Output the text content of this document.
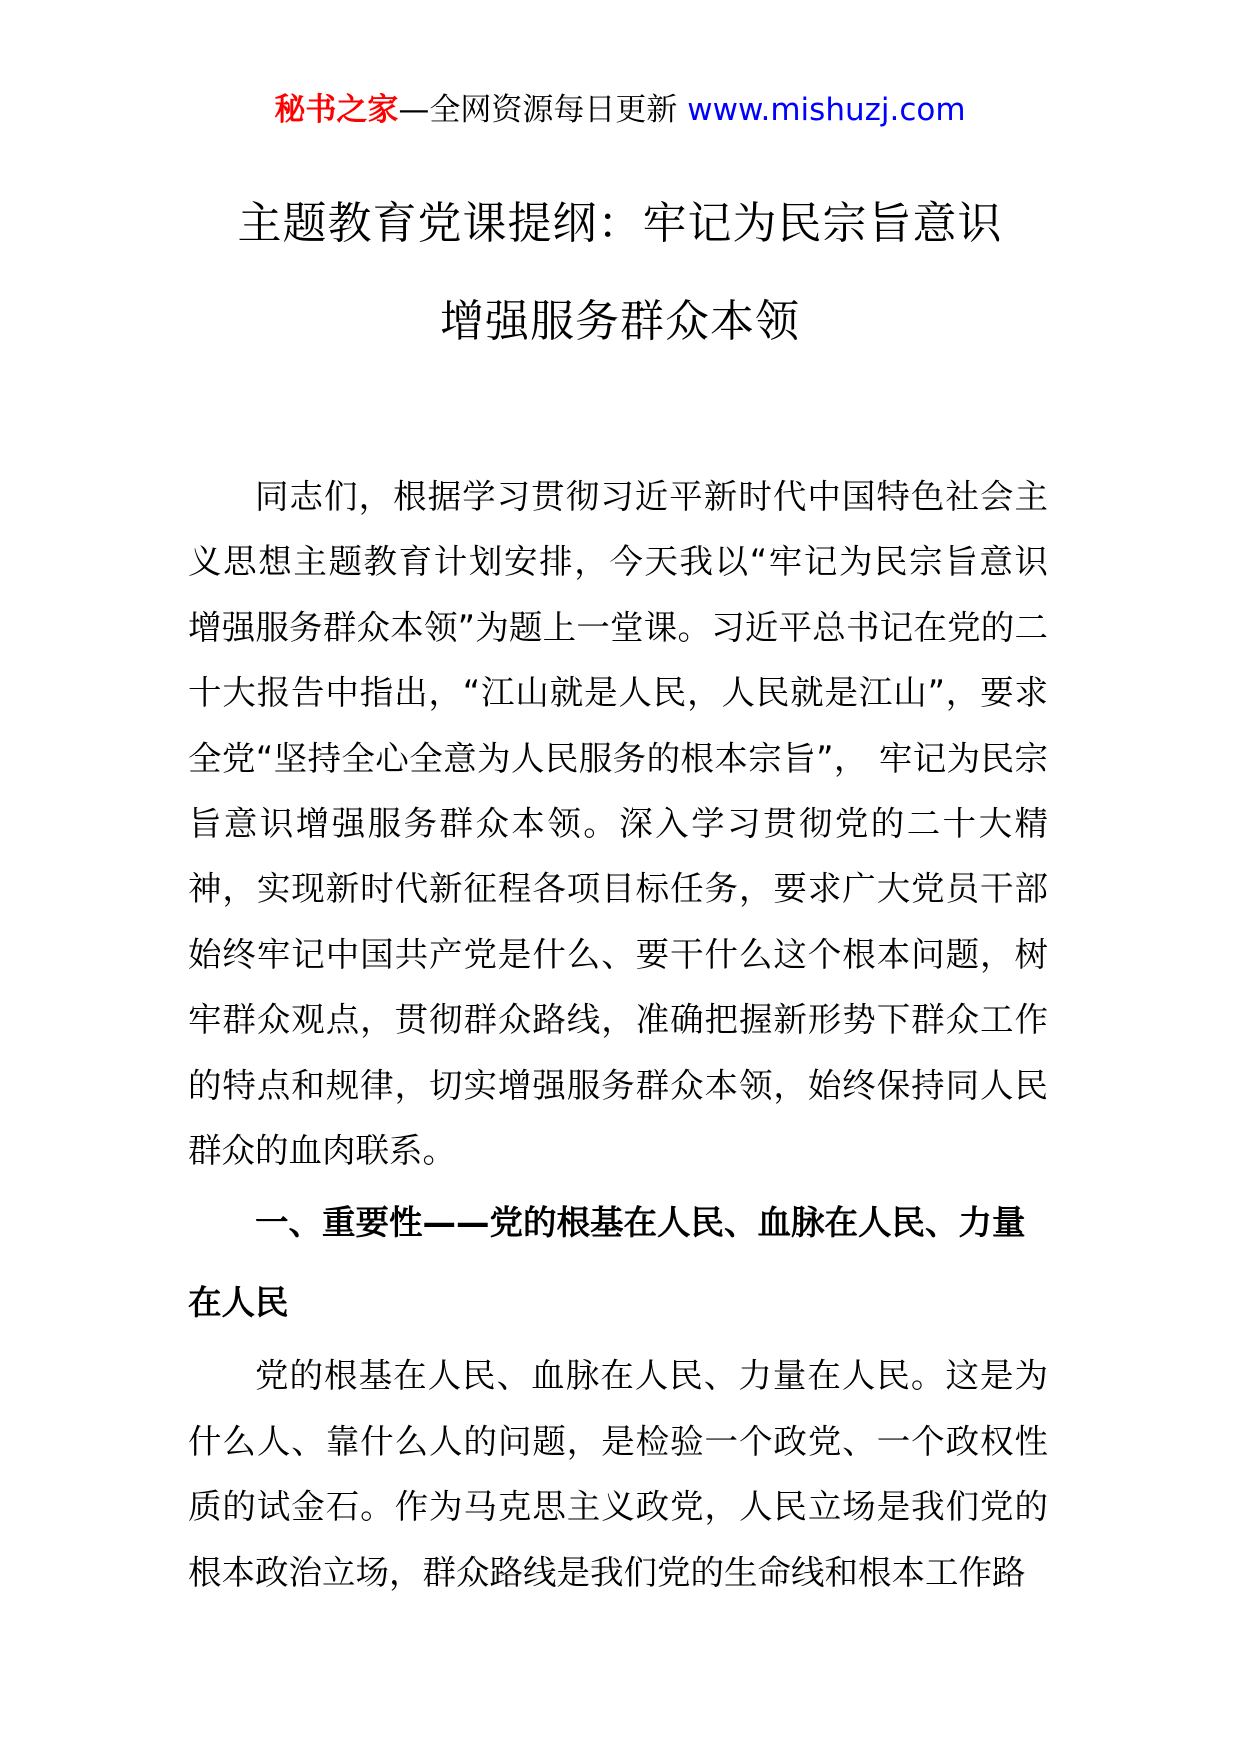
秘书之家—全网资源每日更新 www.mishuzj.com
主题教育党课提纲：牢记为民宗旨意识
增强服务群众本领

同志们，根据学习贯彻习近平新时代中国特色社会主义思想主题教育计划安排，今天我以“牢记为民宗旨意识 增强服务群众本领”为题上一堂课。习近平总书记在党的二十大报告中指出，“江山就是人民，人民就是江山”，要求全党“坚持全心全意为人民服务的根本宗旨”， 牢记为民宗旨意识增强服务群众本领。深入学习贯彻党的二十大精神，实现新时代新征程各项目标任务，要求广大党员干部始终牢记中国共产党是什么、要干什么这个根本问题，树牢群众观点，贯彻群众路线，准确把握新形势下群众工作的特点和规律，切实增强服务群众本领，始终保持同人民群众的血肉联系。

一、重要性——党的根基在人民、血脉在人民、力量在人民

党的根基在人民、血脉在人民、力量在人民。这是为什么人、靠什么人的问题，是检验一个政党、一个政权性质的试金石。作为马克思主义政党，人民立场是我们党的根本政治立场，群众路线是我们党的生命线和根本工作路
